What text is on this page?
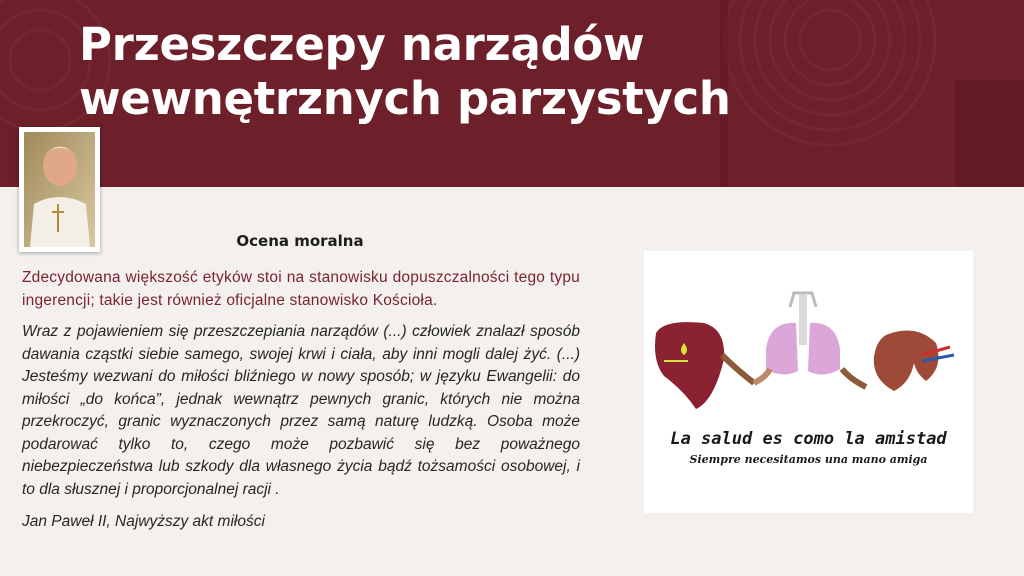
Przeszczepy narządów
wewnętrznych parzystych
Ocena moralna

Zdecydowana większość etyków stoi na stanowisku dopuszczalności tego typu ingerencji; takie jest również oficjalne stanowisko Kościoła.

Wraz z pojawieniem się przeszczepiania narządów (...) człowiek znalazł sposób dawania cząstki siebie samego, swojej krwi i ciała, aby inni mogli dalej żyć. (...) Jesteśmy wezwani do miłości bliźniego w nowy sposób; w języku Ewangelii: do miłości „do końca”, jednak wewnątrz pewnych granic, których nie można przekroczyć, granic wyznaczonych przez samą naturę ludzką. Osoba może podarować tylko to, czego może pozbawić się bez poważnego niebezpieczeństwa lub szkody dla własnego życia bądź tożsamości osobowej, i to dla słusznej i proporcjonalnej racji .

Jan Paweł II, Najwyższy akt miłości

La salud es como la amistad
Siempre necesitamos una mano amiga
